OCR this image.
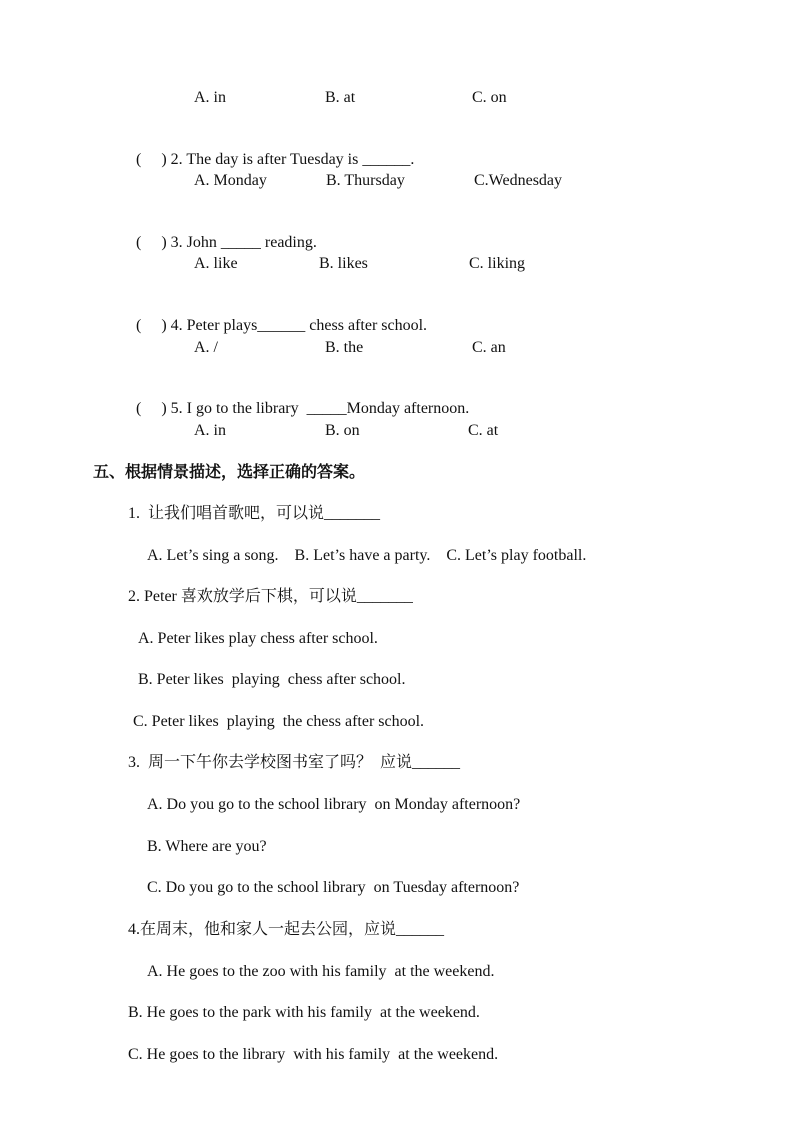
A. in	B. at	C. on

(     ) 2. The day is after Tuesday is ______.

A. Monday	B. Thursday	C.Wednesday

(     ) 3. John _____ reading.

A. like	B. likes	C. liking

(     ) 4. Peter plays______ chess after school.

A. /	B. the	C. an

(     ) 5. I go to the library  _____Monday afternoon.

A. in	B. on	C. at
五、根据情景描述，选择正确的答案。
1.  让我们唱首歌吧，可以说_______
A. Let’s sing a song.    B. Let’s have a party.    C. Let’s play football.
2. Peter 喜欢放学后下棋，可以说_______
A. Peter likes play chess after school.
B. Peter likes  playing  chess after school.
C. Peter likes  playing  the chess after school.
3.  周一下午你去学校图书室了吗？  应说______
A. Do you go to the school library  on Monday afternoon?
B. Where are you?
C. Do you go to the school library  on Tuesday afternoon?
4.在周末，他和家人一起去公园，应说______
A. He goes to the zoo with his family  at the weekend.
B. He goes to the park with his family  at the weekend.
C. He goes to the library  with his family  at the weekend.
